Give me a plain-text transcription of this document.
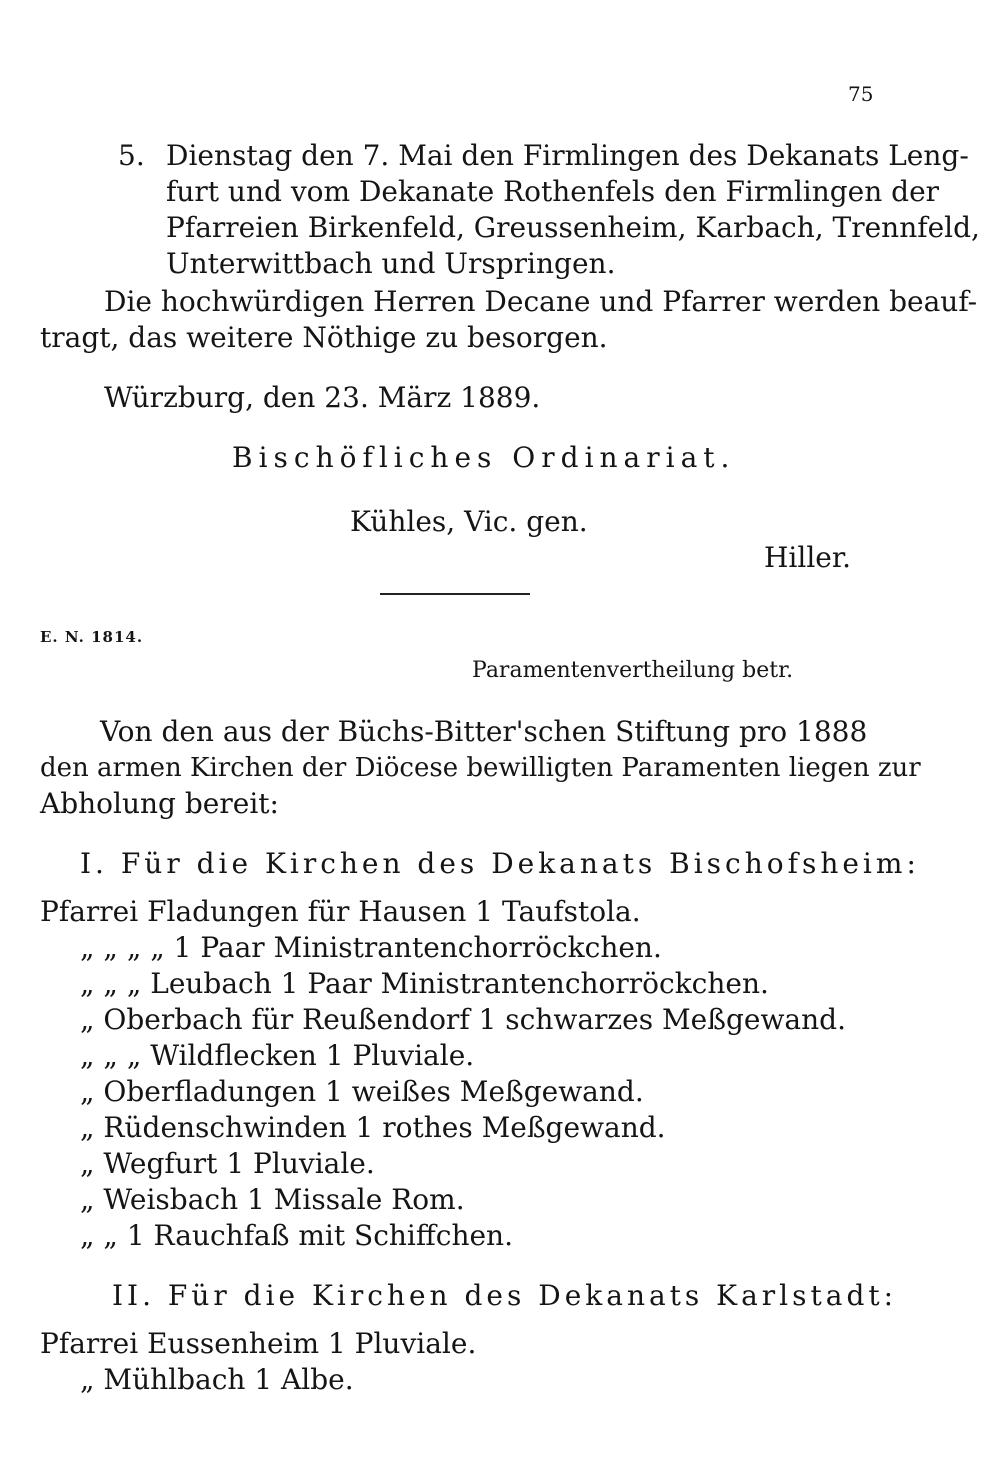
75
5. Dienstag den 7. Mai den Firmlingen des Dekanats Leng-
furt und vom Dekanate Rothenfels den Firmlingen der
Pfarreien Birkenfeld, Greussenheim, Karbach, Trennfeld,
Unterwittbach und Urspringen.
Die hochwürdigen Herren Decane und Pfarrer werden beauf-
tragt, das weitere Nöthige zu besorgen.
Würzburg, den 23. März 1889.
Bischöfliches Ordinariat.
Kühles, Vic. gen.
Hiller.
E. N. 1814.
Paramentenvertheilung betr.
Von den aus der Büchs-Bitter'schen Stiftung pro 1888
den armen Kirchen der Diöcese bewilligten Paramenten liegen zur
Abholung bereit:
I. Für die Kirchen des Dekanats Bischofsheim:
Pfarrei Fladungen für Hausen 1 Taufstola.
„ „ „ „ 1 Paar Ministrantenchorröckchen.
„ „ „ Leubach 1 Paar Ministrantenchorröckchen.
„ Oberbach für Reußendorf 1 schwarzes Meßgewand.
„ „ „ Wildflecken 1 Pluviale.
„ Oberfladungen 1 weißes Meßgewand.
„ Rüdenschwinden 1 rothes Meßgewand.
„ Wegfurt 1 Pluviale.
„ Weisbach 1 Missale Rom.
„ „ 1 Rauchfaß mit Schiffchen.
II. Für die Kirchen des Dekanats Karlstadt:
Pfarrei Eussenheim 1 Pluviale.
„ Mühlbach 1 Albe.
